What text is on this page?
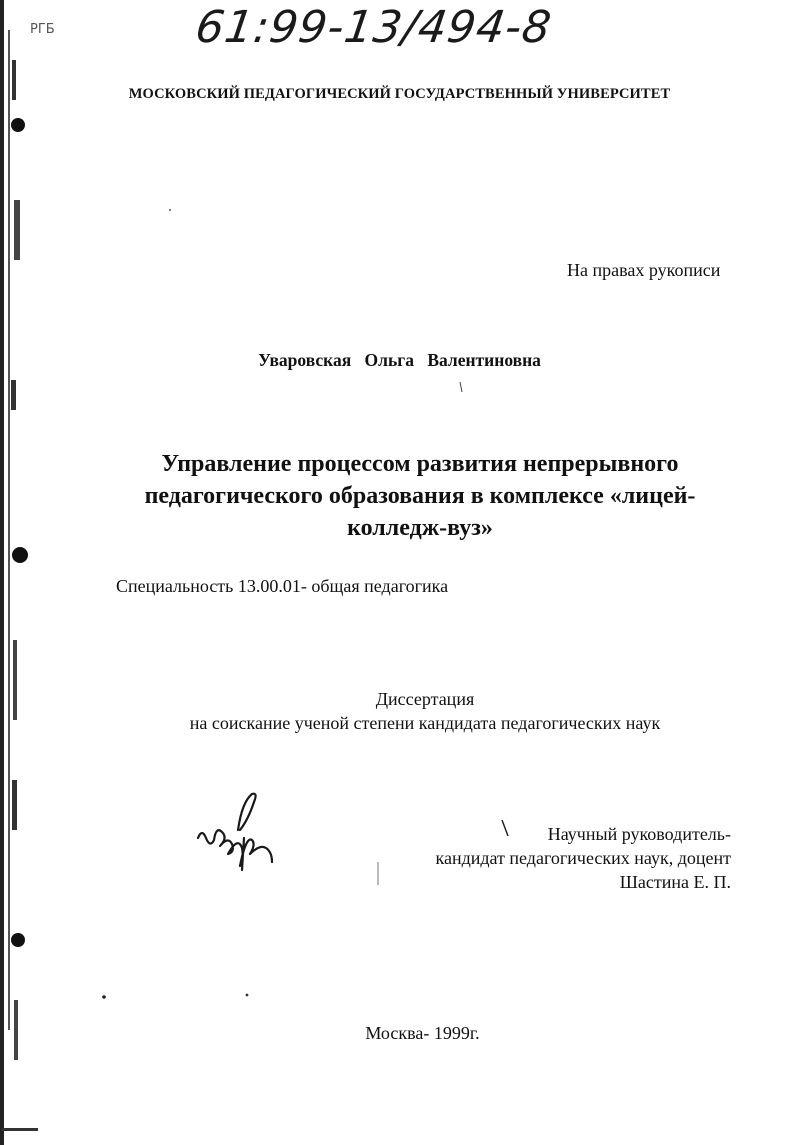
РГБ	61:99-13/494-8
МОСКОВСКИЙ ПЕДАГОГИЧЕСКИЙ ГОСУДАРСТВЕННЫЙ УНИВЕРСИТЕТ
На правах рукописи
Уваровская Ольга Валентиновна
Управление процессом развития непрерывного
педагогического образования в комплексе «лицей-
колледж-вуз»
Специальность 13.00.01- общая педагогика
Диссертация
на соискание ученой степени кандидата педагогических наук
Научный руководитель-
кандидат педагогических наук, доцент
Шастина Е. П.
Москва- 1999г.
